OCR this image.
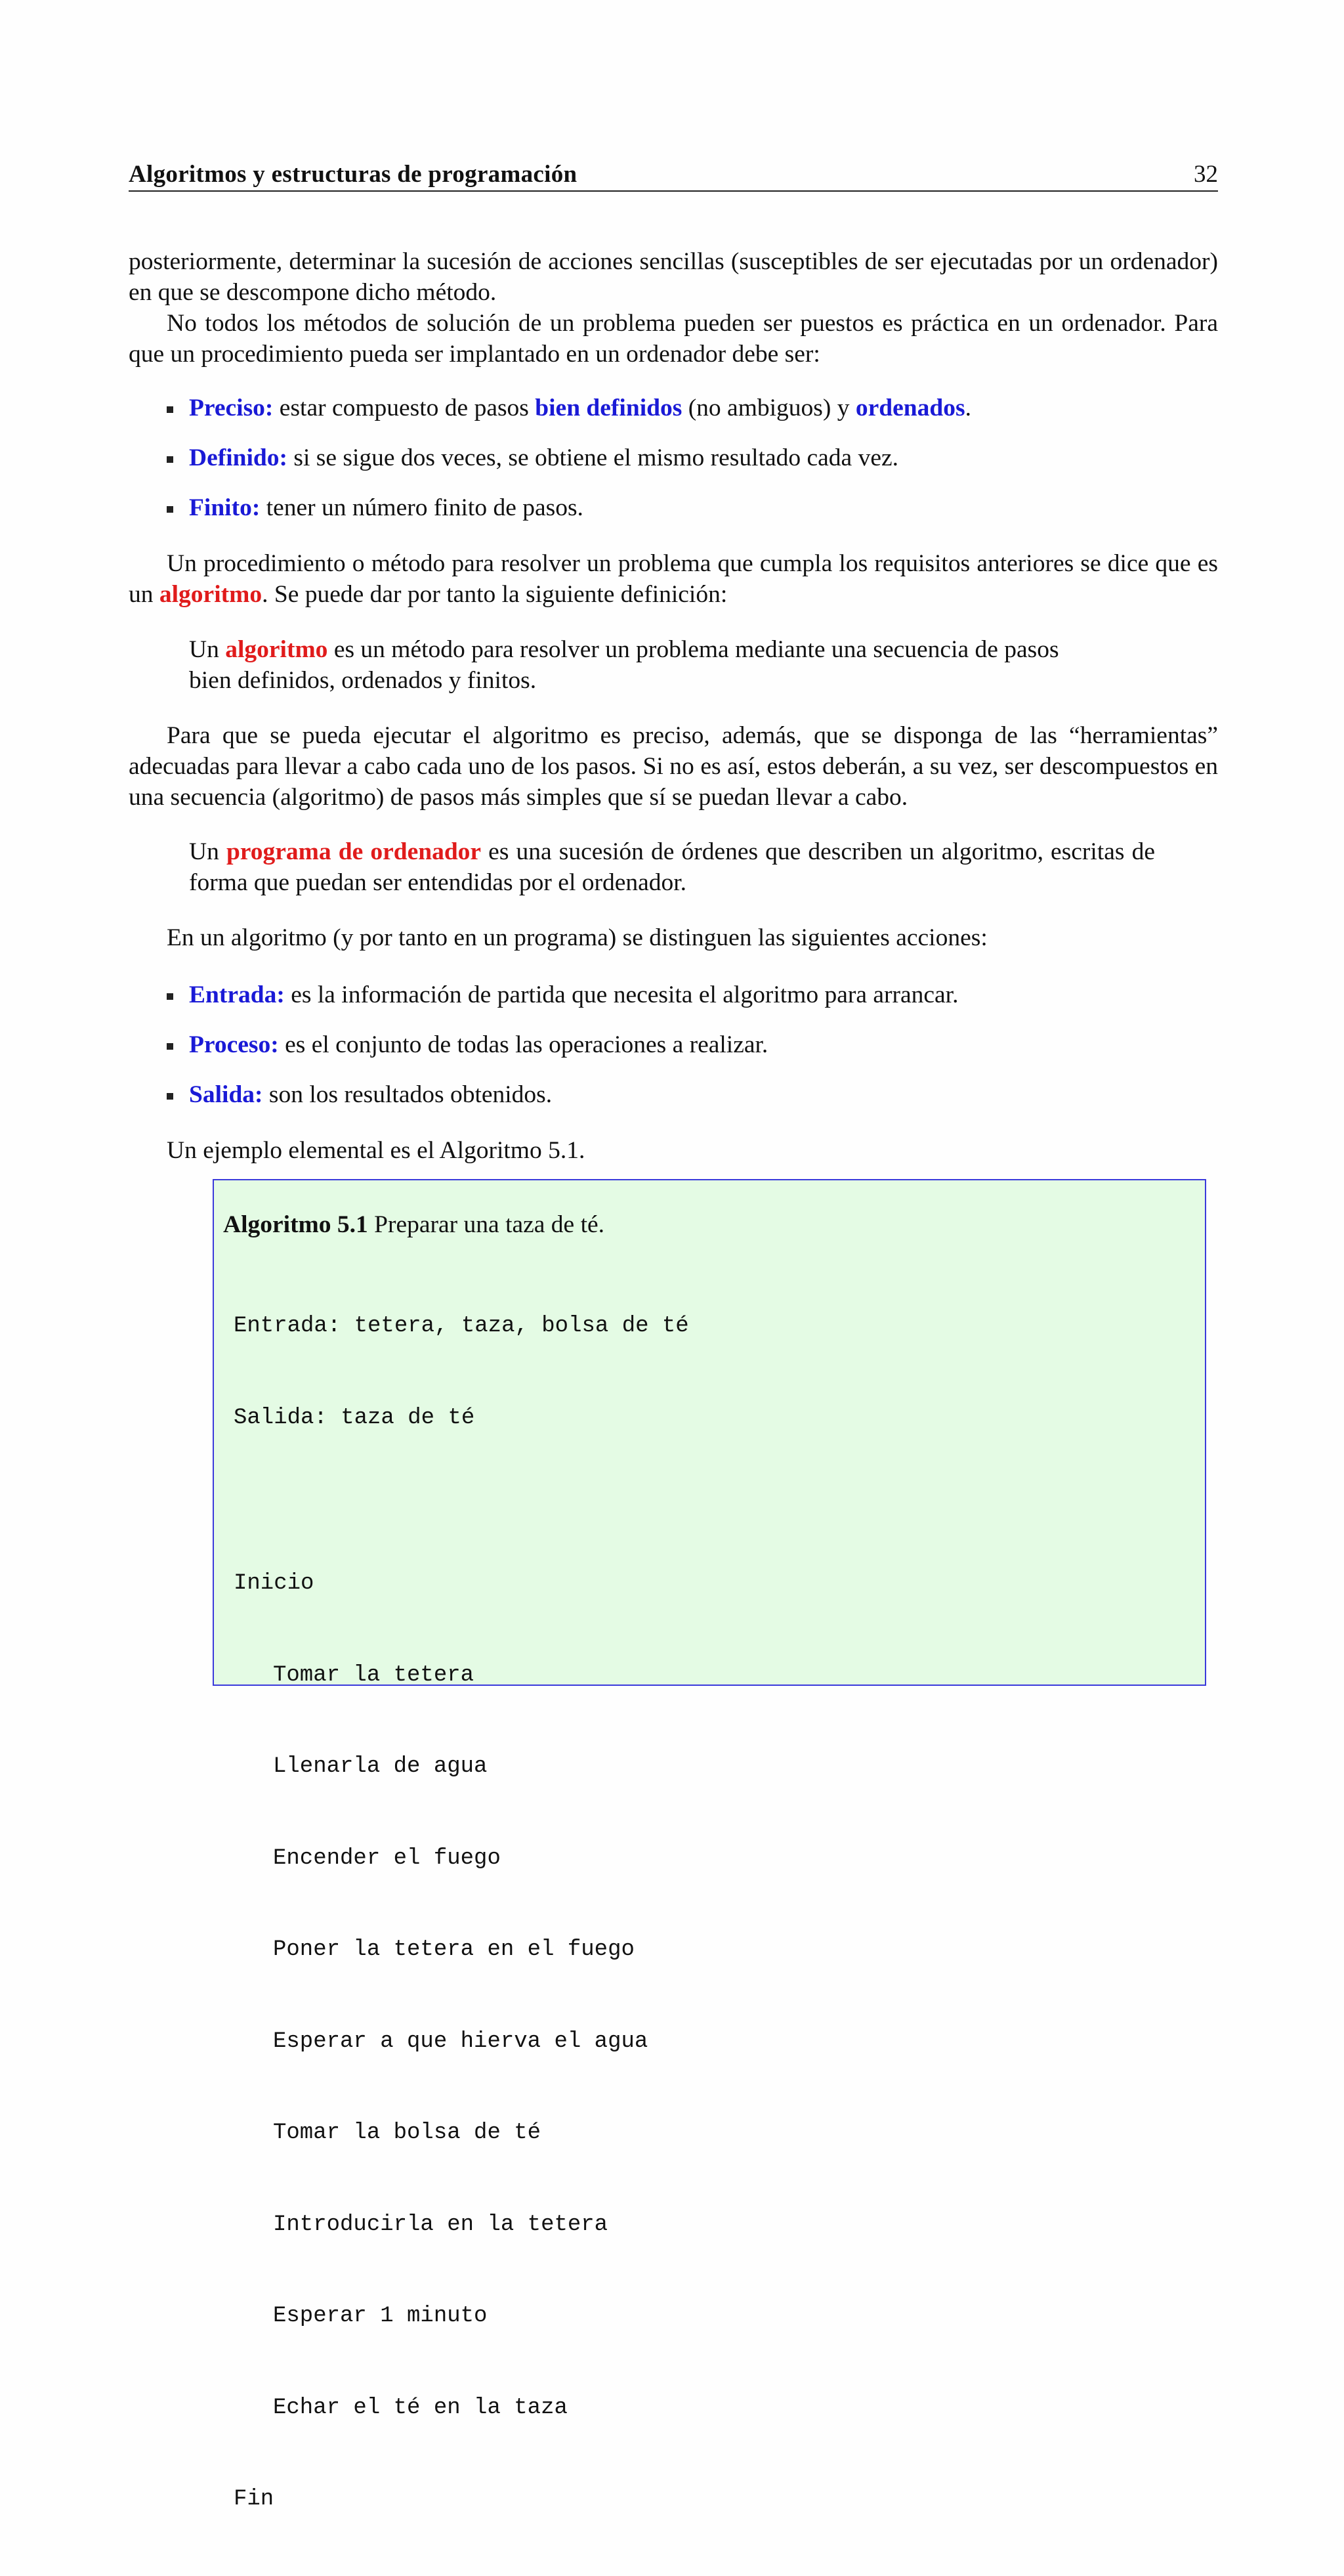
Algoritmos y estructuras de programación	32

posteriormente, determinar la sucesión de acciones sencillas (susceptibles de ser ejecutadas por un ordenador) en que se descompone dicho método.

No todos los métodos de solución de un problema pueden ser puestos es práctica en un ordenador. Para que un procedimiento pueda ser implantado en un ordenador debe ser:

Preciso: estar compuesto de pasos bien definidos (no ambiguos) y ordenados.
Definido: si se sigue dos veces, se obtiene el mismo resultado cada vez.
Finito: tener un número finito de pasos.

Un procedimiento o método para resolver un problema que cumpla los requisitos anteriores se dice que es un algoritmo. Se puede dar por tanto la siguiente definición:

Un algoritmo es un método para resolver un problema mediante una secuencia de pasos bien definidos, ordenados y finitos.

Para que se pueda ejecutar el algoritmo es preciso, además, que se disponga de las “herramientas” adecuadas para llevar a cabo cada uno de los pasos. Si no es así, estos deberán, a su vez, ser descompuestos en una secuencia (algoritmo) de pasos más simples que sí se puedan llevar a cabo.

Un programa de ordenador es una sucesión de órdenes que describen un algoritmo, escritas de forma que puedan ser entendidas por el ordenador.

En un algoritmo (y por tanto en un programa) se distinguen las siguientes acciones:

Entrada: es la información de partida que necesita el algoritmo para arrancar.
Proceso: es el conjunto de todas las operaciones a realizar.
Salida: son los resultados obtenidos.

Un ejemplo elemental es el Algoritmo 5.1.

Algoritmo 5.1 Preparar una taza de té.

Entrada: tetera, taza, bolsa de té

Salida: taza de té

Inicio

Tomar la tetera

Llenarla de agua

Encender el fuego

Poner la tetera en el fuego

Esperar a que hierva el agua

Tomar la bolsa de té

Introducirla en la tetera

Esperar 1 minuto

Echar el té en la taza

Fin
